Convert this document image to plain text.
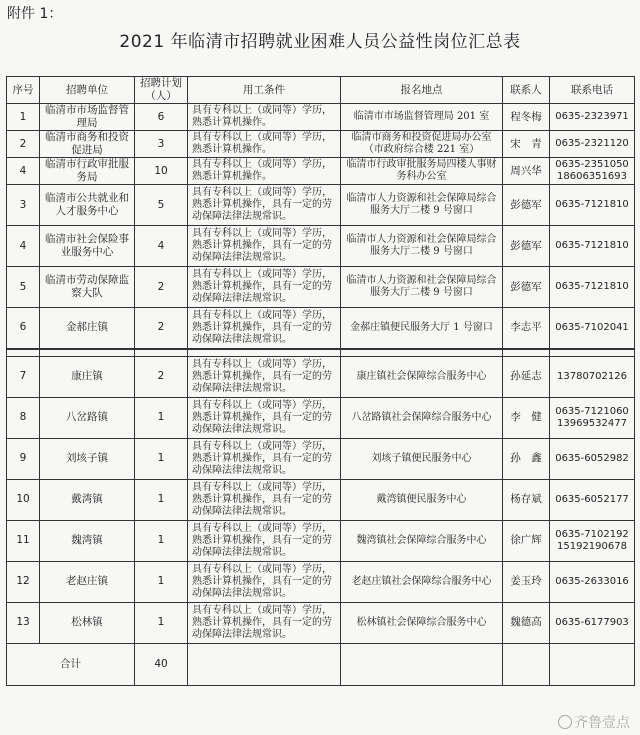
附件 1：
2021 年临清市招聘就业困难人员公益性岗位汇总表
序号	招聘单位	招聘计划（人）	用工条件	报名地点	联系人	联系电话
1	临清市市场监督管理局	6	具有专科以上（或同等）学历，熟悉计算机操作。	临清市市场监督管理局 201 室	程冬梅	0635-2323971
2	临清市商务和投资促进局	3	具有专科以上（或同等）学历，熟悉计算机操作。	临清市商务和投资促进局办公室（市政府综合楼 221 室）	宋　青	0635-2321120
4	临清市行政审批服务局	10	具有专科以上（或同等）学历，熟悉计算机操作。	临清市行政审批服务局四楼人事财务科办公室	周兴华	0635-2351050 18606351693
3	临清市公共就业和人才服务中心	5	具有专科以上（或同等）学历，熟悉计算机操作，具有一定的劳动保障法律法规常识。	临清市人力资源和社会保障局综合服务大厅二楼 9 号窗口	彭德军	0635-7121810
4	临清市社会保险事业服务中心	4	具有专科以上（或同等）学历，熟悉计算机操作，具有一定的劳动保障法律法规常识。	临清市人力资源和社会保障局综合服务大厅二楼 9 号窗口	彭德军	0635-7121810
5	临清市劳动保障监察大队	2	具有专科以上（或同等）学历，熟悉计算机操作，具有一定的劳动保障法律法规常识。	临清市人力资源和社会保障局综合服务大厅二楼 9 号窗口	彭德军	0635-7121810
6	金郝庄镇	2	具有专科以上（或同等）学历，熟悉计算机操作，具有一定的劳动保障法律法规常识。	金郝庄镇便民服务大厅 1 号窗口	李志平	0635-7102041

7	康庄镇	2	具有专科以上（或同等）学历，熟悉计算机操作，具有一定的劳动保障法律法规常识。	康庄镇社会保障综合服务中心	孙延志	13780702126
8	八岔路镇	1	具有专科以上（或同等）学历，熟悉计算机操作，具有一定的劳动保障法律法规常识。	八岔路镇社会保障综合服务中心	李　健	0635-7121060 13969532477
9	刘垓子镇	1	具有专科以上（或同等）学历，熟悉计算机操作，具有一定的劳动保障法律法规常识。	刘垓子镇便民服务中心	孙　鑫	0635-6052982
10	戴湾镇	1	具有专科以上（或同等）学历，熟悉计算机操作，具有一定的劳动保障法律法规常识。	戴湾镇便民服务中心	杨存斌	0635-6052177
11	魏湾镇	1	具有专科以上（或同等）学历，熟悉计算机操作，具有一定的劳动保障法律法规常识。	魏湾镇社会保障综合服务中心	徐广辉	0635-7102192 15192190678
12	老赵庄镇	1	具有专科以上（或同等）学历，熟悉计算机操作，具有一定的劳动保障法律法规常识。	老赵庄镇社会保障综合服务中心	姜玉玲	0635-2633016
13	松林镇	1	具有专科以上（或同等）学历，熟悉计算机操作，具有一定的劳动保障法律法规常识。	松林镇社会保障综合服务中心	魏德高	0635-6177903
合计		40				
齐鲁壹点
